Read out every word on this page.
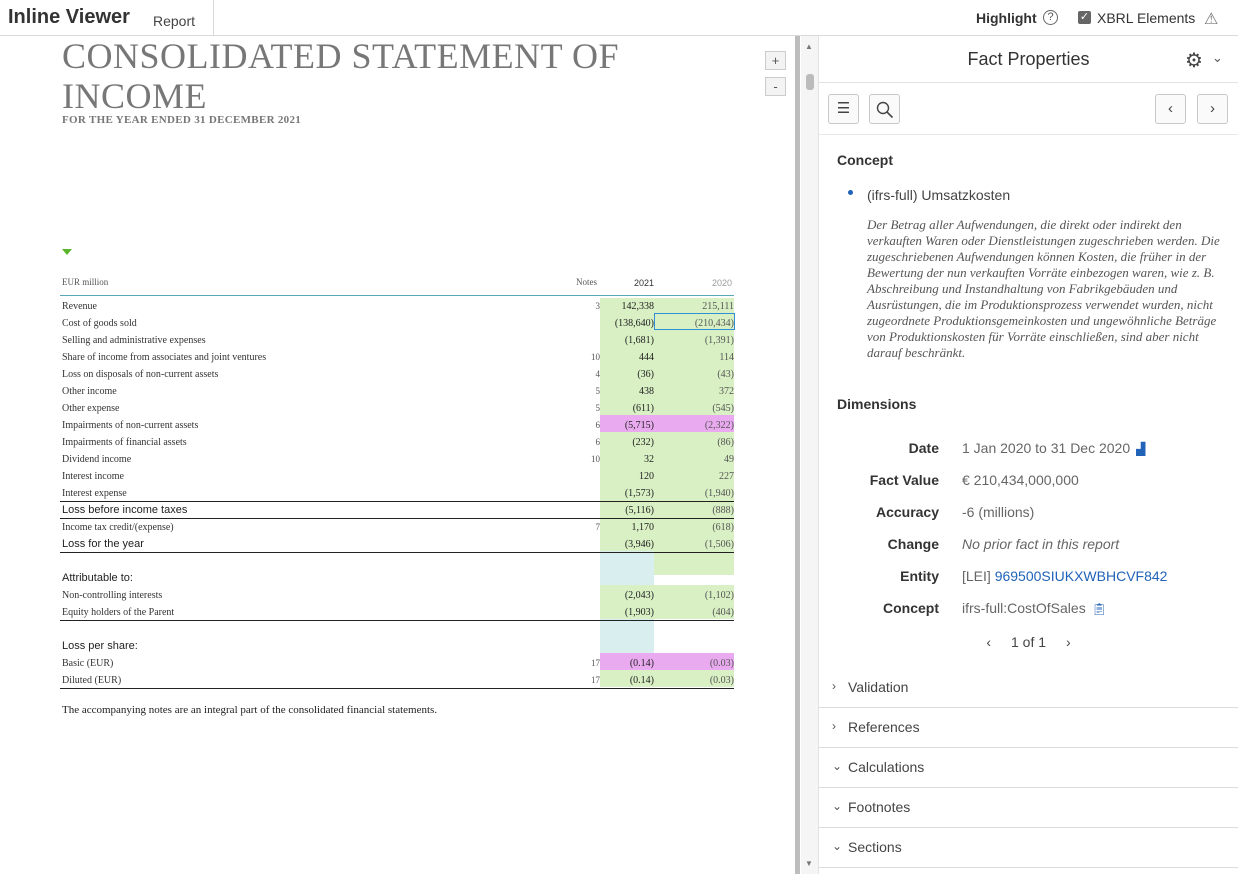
Inline Viewer	Report	Highlight ?	✓ XBRL Elements ⚠
CONSOLIDATED STATEMENT OF
INCOME
FOR THE YEAR ENDED 31 DECEMBER 2021
+
-
EUR million	Notes	2021	2020
Revenue	3	142,338	215,111
Cost of goods sold	(138,640)	(210,434)
Selling and administrative expenses	(1,681)	(1,391)
Share of income from associates and joint ventures	10	444	114
Loss on disposals of non-current assets	4	(36)	(43)
Other income	5	438	372
Other expense	5	(611)	(545)
Impairments of non-current assets	6	(5,715)	(2,322)
Impairments of financial assets	6	(232)	(86)
Dividend income	10	32	49
Interest income	120	227
Interest expense	(1,573)	(1,940)
Loss before income taxes	(5,116)	(888)
Income tax credit/(expense)	7	1,170	(618)
Loss for the year	(3,946)	(1,506)
Attributable to:
Non-controlling interests	(2,043)	(1,102)
Equity holders of the Parent	(1,903)	(404)
Loss per share:
Basic (EUR)	17	(0.14)	(0.03)
Diluted (EUR)	17	(0.14)	(0.03)
The accompanying notes are an integral part of the consolidated financial statements.
▲
▼
Fact Properties	⚙ ⌄
☰	‹	›
Concept
(ifrs-full) Umsatzkosten
Der Betrag aller Aufwendungen, die direkt oder indirekt den verkauften Waren oder Dienstleistungen zugeschrieben werden. Die zugeschriebenen Aufwendungen können Kosten, die früher in der Bewertung der nun verkauften Vorräte einbezogen waren, wie z. B. Abschreibung und Instandhaltung von Fabrikgebäuden und Ausrüstungen, die im Produktionsprozess verwendet wurden, nicht zugeordnete Produktionsgemeinkosten und ungewöhnliche Beträge von Produktionskosten für Vorräte einschließen, sind aber nicht darauf beschränkt.
Dimensions
Date 1 Jan 2020 to 31 Dec 2020 ▟
Fact Value € 210,434,000,000
Accuracy -6 (millions)
Change No prior fact in this report
Entity [LEI] 969500SIUKXWBHCVF842
Concept ifrs-full:CostOfSales 📋︎
‹ 1 of 1 ›
› Validation
› References
⌄ Calculations
⌄ Footnotes
⌄ Sections
